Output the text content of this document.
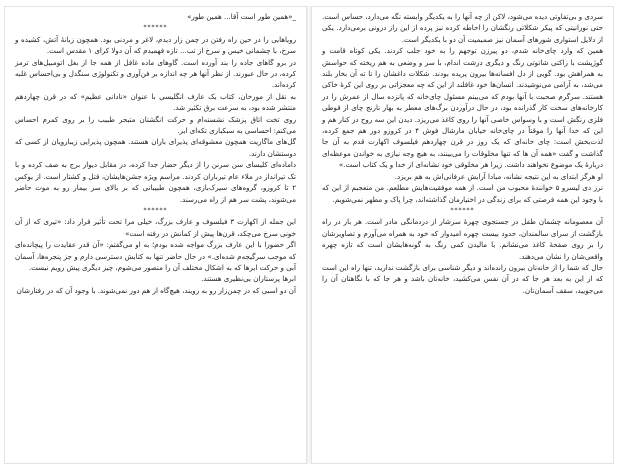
_«همین طور است آقا... همین طور»

******

رویاهایی را در حین راه رفتن در چمن زار دیدم، لاغر و مردنی بود. همچون زبانهٔ آتش، کشیده و سرخ، با چشمانی خیس و سرخ از تب... تازه فهمیدم که آن دولا کرای ۱ مقدس است.

در برو گاهای جاده را بند آورده است. گاوهای ماده غافل از همه جا از بغل اتومبیل‌های ترمز کرده، در حال عبورند. از نظر آنها هر چه اندازه بر فن‌آوری و تکنولوژی سنگدل و بی‌احساس غلبه کرده‌اند.

به نقل از مورخان، کتاب یک عارف انگلیسی با عنوان «نادانی عظیم» که در قرن چهاردهم منتشر شده بود، به سرعت برق تکثیر شد.

روی تخت اتاق پزشک نشسته‌ام و حرکت انگشتان متبحر طبیب را بر روی کمرم احساس می‌کنم: احساسی به سبکباری تکه‌ای ابر.

گل‌های ماگاریت همچون معشوقه‌ای پذیرای باران هستند. همچون پذیرایی زیبارویان از کسی که دوستشان دارند.

داماده‌ای کلیسای سن سرنن را از دیگر حضار جدا کرده، در مقابل دیوار برج به صف کرده و با تک تیرانداز در ملاء عام تیرباران کردند. مراسم ویژه جشن‌هایشان، قتل و کشتار است. از یوکس ۲ تا کروزو، گروه‌های سیرک‌بازی، همچون طبیبانی که بر بالای سر بیمار رو به موت حاضر می‌شوند، پشت سر هم از راه می‌رسند.

******

این جمله از اکهارت ۳ فیلسوف و عارف بزرگ، خیلی مرا تحت تأثیر قرار داد: «تیری که از آن خونی سرخ می‌چکد، قرن‌ها پیش از کمانش در رفته است»

اگر حضورا با این عارف بزرگ مواجه شده بودم؛ به او می‌گفتم: «آن قدر عقایدت را پیچانده‌ای که موجب سرگیجه‌م شده‌ای.» در حال حاضر تنها به کتابش دسترسی دارم و جز پنجره‌ها، آسمان آبی و حرکت ابرها که به اشکال مختلف آن را منصور می‌شوم، چیز دیگری پیش رویم نیست.

ابرها پرستاران بی‌نظیری هستند.

آن دو اسبی که در چمن‌زار رو به رویند، هیچ‌گاه از هم دور نمی‌شوند. با وجود آن که در رفتارشان

سردی و بی‌تفاوتی دیده می‌شود، لاکن از چه آنها را به یکدیگر وابسته نگه می‌دارد، حساس است. حتی نورانیتی که پیکر شکلاتی رنگشان را احاطه کرده نیز پرده از این راز درونی برمی‌دارد. یکی از دلایل استواری شورهای آسمان نیز صمیمیت آن دو با یکدیگر است.

همین که وارد چای‌خانه شدم، دو پیرزن توجهم را به خود جلب کردند. یکی کوتاه قامت و گوژپشت با زاکتی شاتوتی رنگ و دیگری درشت اندام، با سر و وضعی به هم ریخته که حواسش به همراهش بود. گویی از دل افسانه‌ها بیرون پریده بودند. شکلات داغشان را تا ته آن بخار بلند می‌شد، به آرامی می‌نوشیدند. انسان‌ها خود غافلند از این که چه معجزاتی بر روی این کرهٔ خاکی هستند. سرگرم صحبت با آنها بودم که می‌بینم مسئول چای‌خانه که پانزده سال از عمرش را در کارخانه‌های سخت کار گذرانده بود، در حال درآوردن برگ‌های معطر به بهار نارنج چای از قوطی فلزی رنگش است و با وسواس خاصی آنها را روی کاغذ می‌ریزد. دیدن این سه روح در کنار هم و این که خدا آنها را موقتاً در چای‌خانه خیابان مارشال فوش ۴ در کروزو دور هم جمع کرده، لذت‌بخش است: چای خانه‌ای که یک روز در قرن چهاردهم فیلسوف اکهارت قدم به آن جا گذاشت و گفت «همه آن ها که تنها مخلوقات را می‌بینند، به هیچ وجه نیازی به خواندن موعظه‌ای دربارهٔ یک موضوع نخواهند داشت. زیرا هر مخلوقی خود نشانه‌ای از خدا و یک کتاب است.»

او هرگز ابتدای به این نتیجه نشانه، مبادا آرایش عرفانی‌اش به هم بریزد.

نرز دی لیسرو ۵ خوانندهٔ محبوب من است. از همه موفقیت‌هایش مطلعم. من متعجبم از این که با وجود این همه فرصتی که برای زندگی در اختیارمان گذاشته‌اند، چرا پاک و مطهر نمی‌شویم.

******

آن معصومانه چشمان طفل در جستجوی چهرهٔ سرشار از دردمانگی مادر است. هر بار در راه بازگشت از سرای سالمندان، حدود بیست چهره امیدوار که خود به همراه می‌آورم و تصاویرشان را بر روی صفحهٔ کاغذ می‌نشانم. با مالیدن کمی رنگ به گونه‌هایشان است که تازه چهره واقعی‌شان را نشان می‌دهند.

حال که شما را از خانه‌تان بیرون رانده‌اند و دیگر شناسی برای بازگشت ندارید، تنها راه این است که از این به بعد هر جا که در آن نفس می‌کشید، خانه‌تان باشد و هر جا که با نگاهتان آن را می‌جویید، سقف آسمان‌تان.
